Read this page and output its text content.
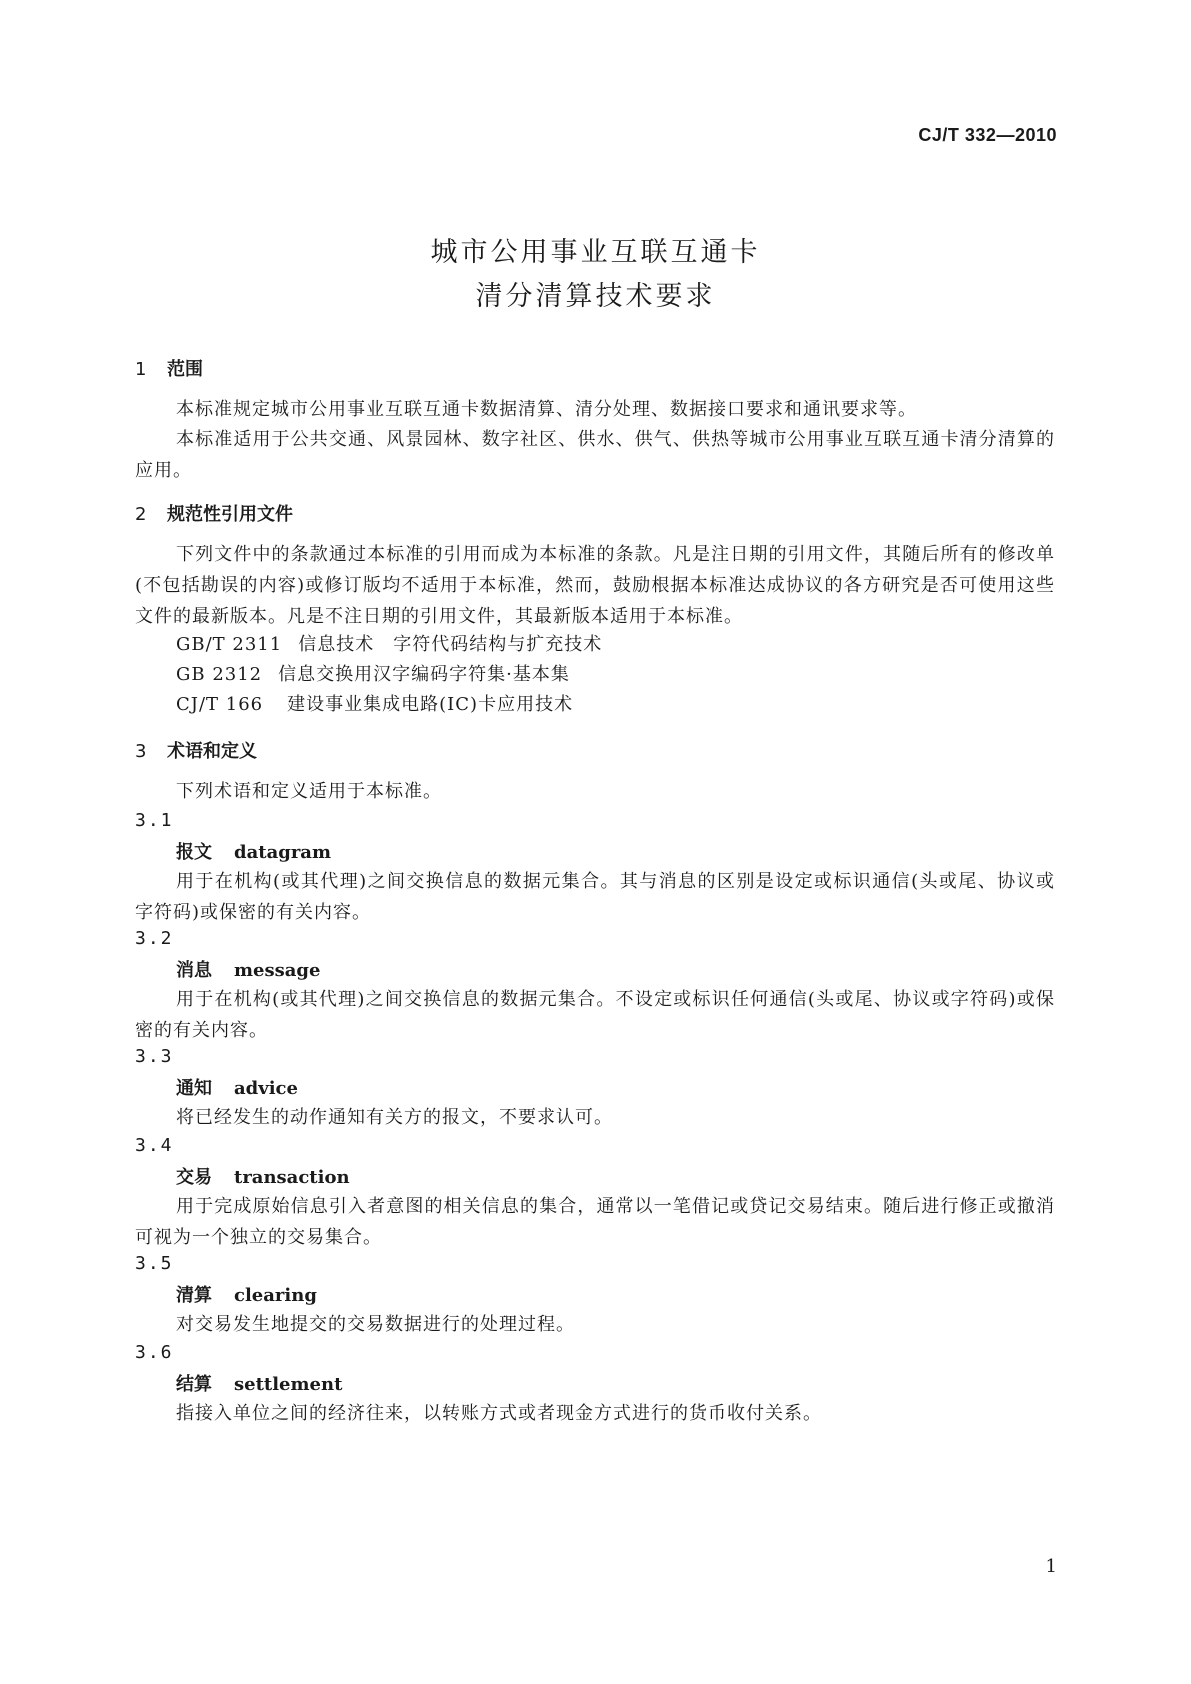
CJ/T 332—2010
城市公用事业互联互通卡
清分清算技术要求
1 范围
本标准规定城市公用事业互联互通卡数据清算、清分处理、数据接口要求和通讯要求等。
本标准适用于公共交通、风景园林、数字社区、供水、供气、供热等城市公用事业互联互通卡清分清算的应用。
2 规范性引用文件
下列文件中的条款通过本标准的引用而成为本标准的条款。凡是注日期的引用文件，其随后所有的修改单(不包括勘误的内容)或修订版均不适用于本标准，然而，鼓励根据本标准达成协议的各方研究是否可使用这些文件的最新版本。凡是不注日期的引用文件，其最新版本适用于本标准。
GB/T 2311 信息技术　字符代码结构与扩充技术
GB 2312 信息交换用汉字编码字符集·基本集
CJ/T 166 建设事业集成电路(IC)卡应用技术
3 术语和定义
下列术语和定义适用于本标准。
3.1
报文 datagram
用于在机构(或其代理)之间交换信息的数据元集合。其与消息的区别是设定或标识通信(头或尾、协议或字符码)或保密的有关内容。
3.2
消息 message
用于在机构(或其代理)之间交换信息的数据元集合。不设定或标识任何通信(头或尾、协议或字符码)或保密的有关内容。
3.3
通知 advice
将已经发生的动作通知有关方的报文，不要求认可。
3.4
交易 transaction
用于完成原始信息引入者意图的相关信息的集合，通常以一笔借记或贷记交易结束。随后进行修正或撤消可视为一个独立的交易集合。
3.5
清算 clearing
对交易发生地提交的交易数据进行的处理过程。
3.6
结算 settlement
指接入单位之间的经济往来，以转账方式或者现金方式进行的货币收付关系。
1
